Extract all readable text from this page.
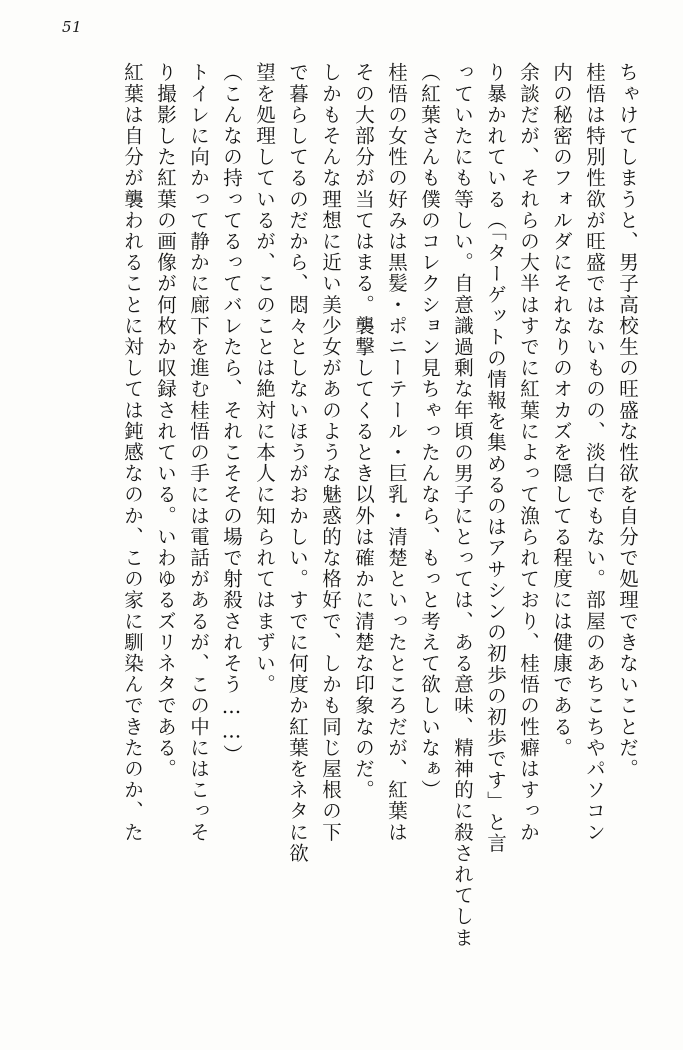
51
ちゃけてしまうと、男子高校生の旺盛な性欲を自分で処理できないことだ。
桂悟は特別性欲が旺盛ではないものの、淡白でもない。部屋のあちこちやパソコン
内の秘密のフォルダにそれなりのオカズを隠してる程度には健康である。
余談だが、それらの大半はすでに紅葉によって漁られており、桂悟の性癖はすっか
り暴かれている（「ターゲットの情報を集めるのはアサシンの初歩の初歩です」と言
っていたにも等しい。自意識過剰な年頃の男子にとっては、ある意味、精神的に殺されてしま
（紅葉さんも僕のコレクション見ちゃったんなら、もっと考えて欲しいなぁ）
桂悟の女性の好みは黒髪・ポニーテール・巨乳・清楚といったところだが、紅葉は
その大部分が当てはまる。襲撃してくるとき以外は確かに清楚な印象なのだ。
しかもそんな理想に近い美少女があのような魅惑的な格好で、しかも同じ屋根の下
で暮らしてるのだから、悶々としないほうがおかしい。すでに何度か紅葉をネタに欲
望を処理しているが、このことは絶対に本人に知られてはまずい。
（こんなの持ってるってバレたら、それこそその場で射殺されそう……）
トイレに向かって静かに廊下を進む桂悟の手には電話があるが、この中にはこっそ
り撮影した紅葉の画像が何枚か収録されている。いわゆるズリネタである。
紅葉は自分が襲われることに対しては鈍感なのか、この家に馴染んできたのか、た
